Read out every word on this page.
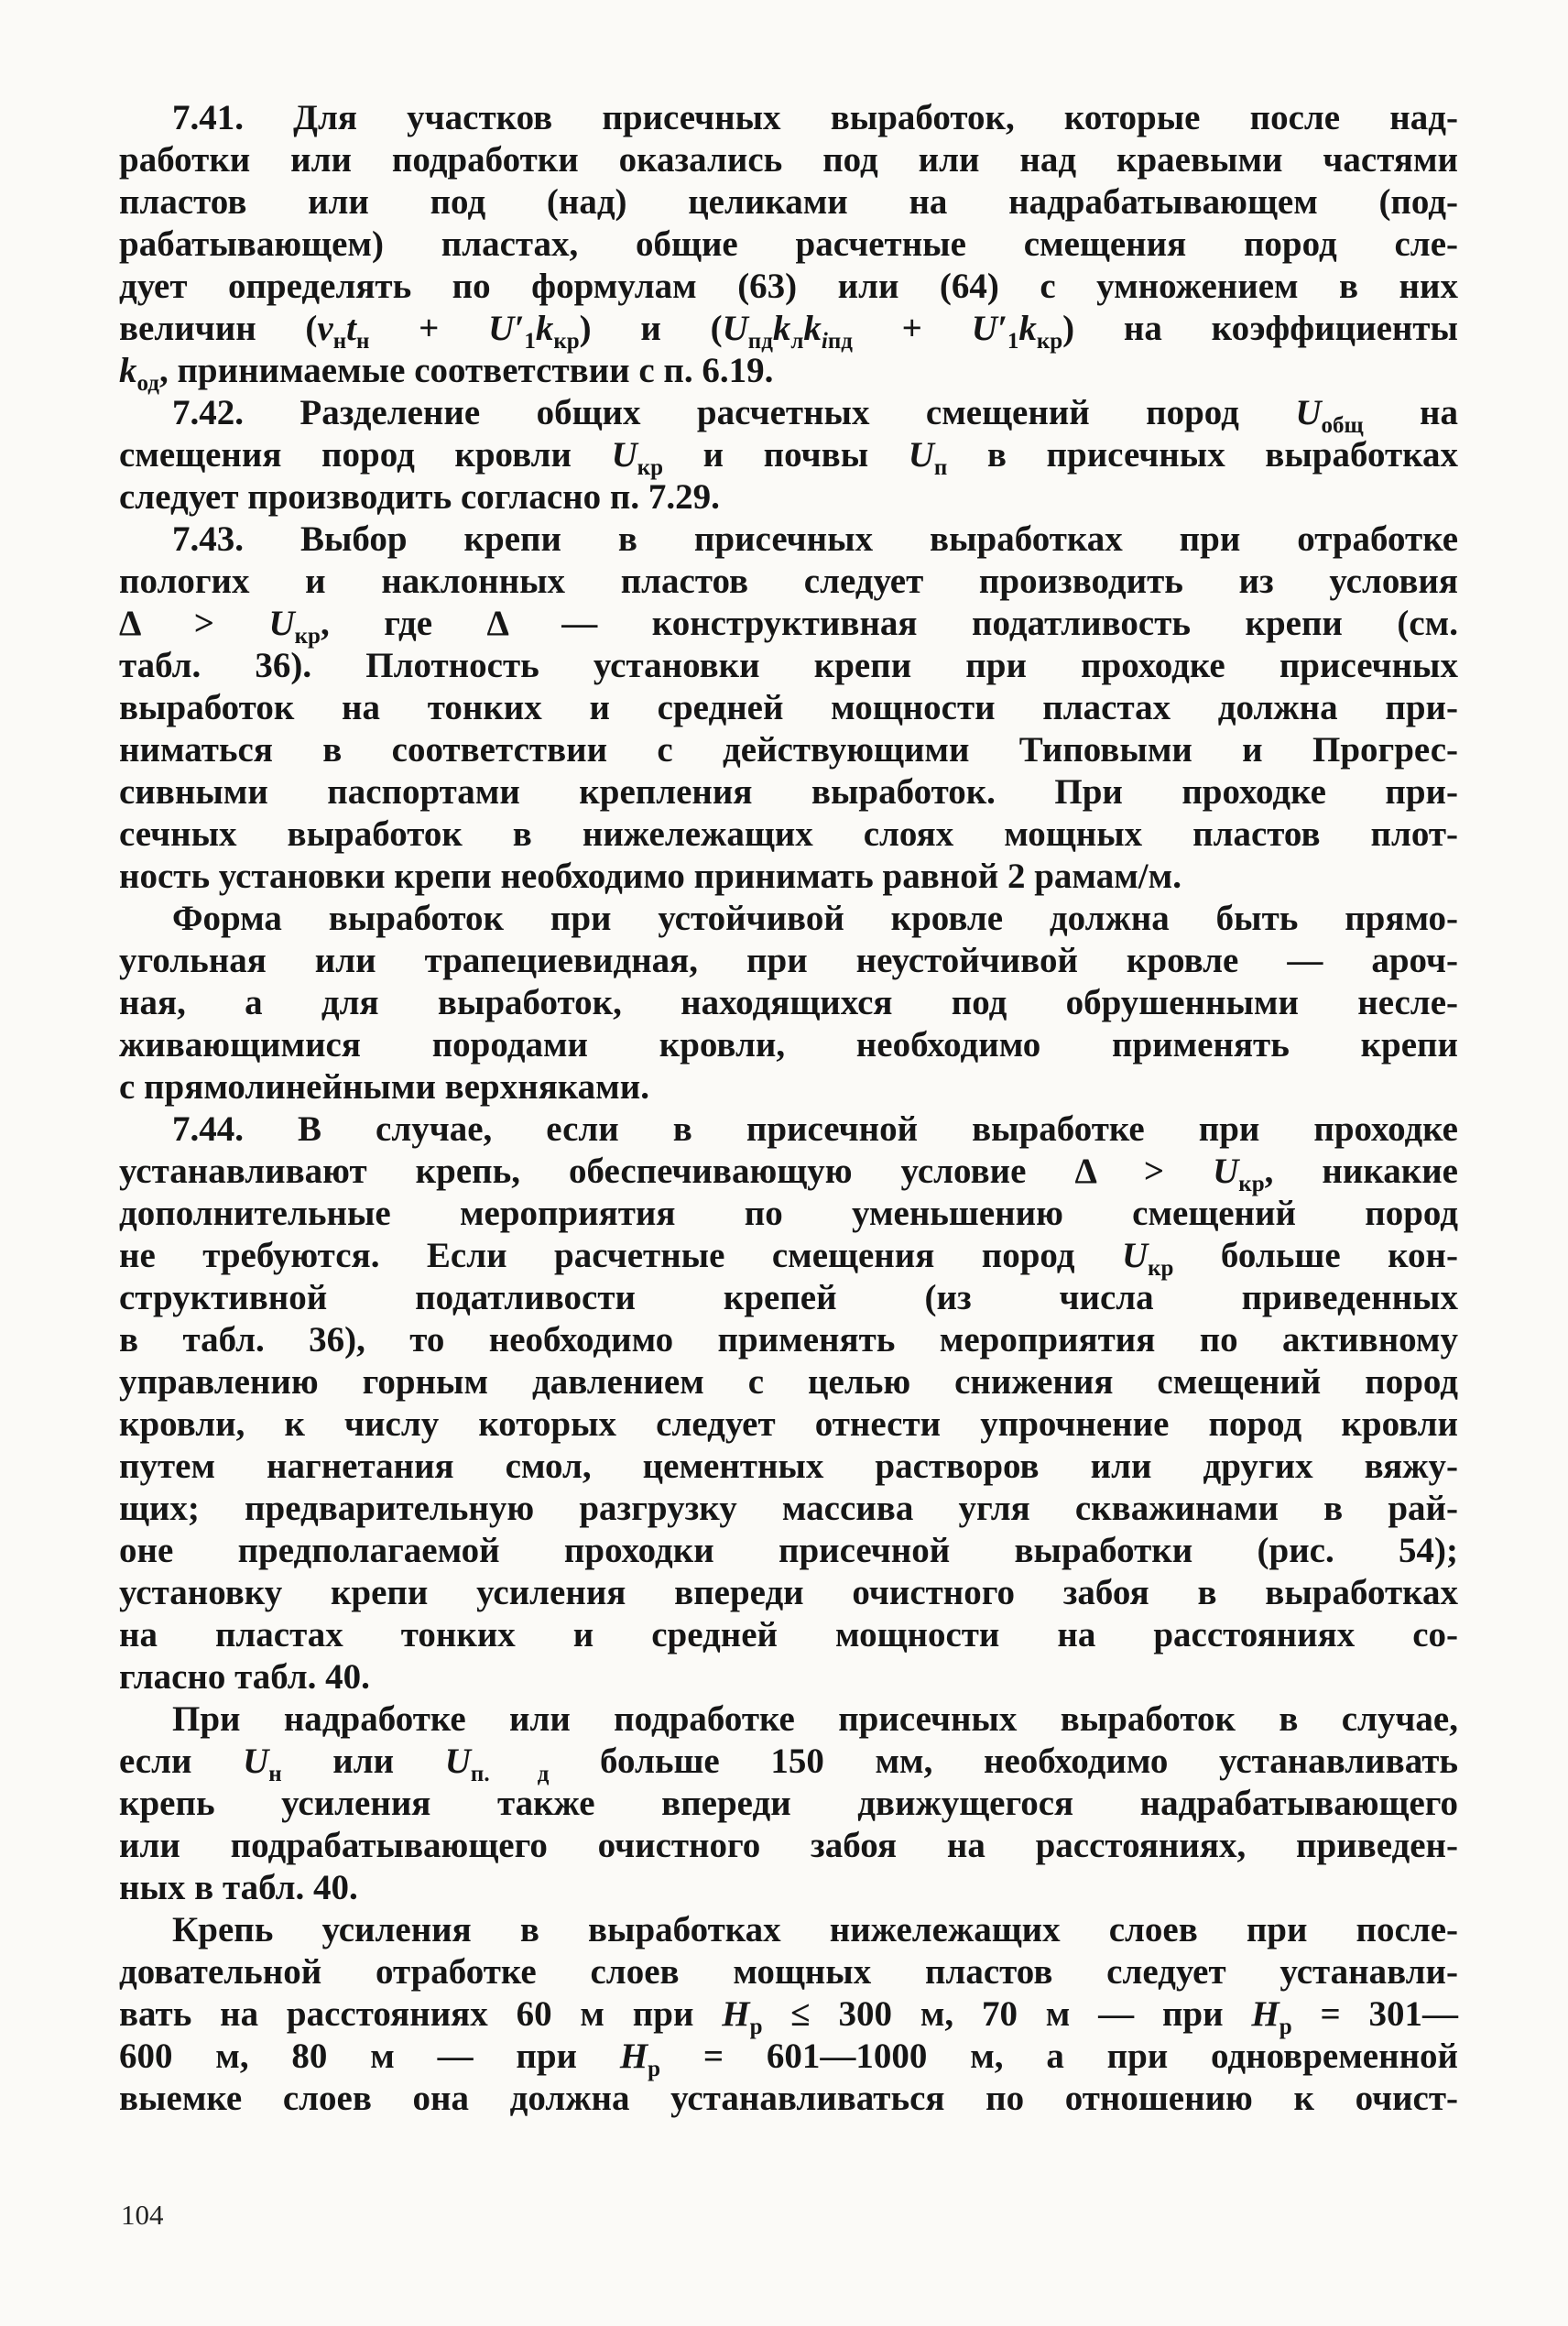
7.41. Для участков присечных выработок, которые после над-
работки или подработки оказались под или над краевыми частями
пластов или под (над) целиками на надрабатывающем (под-
рабатывающем) пластах, общие расчетные смещения пород сле-
дует определять по формулам (63) или (64) с умножением в них
величин $(v_нt_н + U'_1k_{кр})$ и $(U_{пд}k_лk_{iпд} + U'_1k_{кр})$ на коэффициенты
$k_{од}$, принимаемые соответствии с п. 6.19.
7.42. Разделение общих расчетных смещений пород $U_{общ}$ на
смещения пород кровли $U_{кр}$ и почвы $U_п$ в присечных выработках
следует производить согласно п. 7.29.
7.43. Выбор крепи в присечных выработках при отработке
пологих и наклонных пластов следует производить из условия
$\Delta > U_{кр}$, где Δ — конструктивная податливость крепи (см.
табл. 36). Плотность установки крепи при проходке присечных
выработок на тонких и средней мощности пластах должна при-
ниматься в соответствии с действующими Типовыми и Прогрес-
сивными паспортами крепления выработок. При проходке при-
сечных выработок в нижележащих слоях мощных пластов плот-
ность установки крепи необходимо принимать равной 2 рамам/м.
Форма выработок при устойчивой кровле должна быть прямо-
угольная или трапециевидная, при неустойчивой кровле — ароч-
ная, а для выработок, находящихся под обрушенными несле-
живающимися породами кровли, необходимо применять крепи
с прямолинейными верхняками.
7.44. В случае, если в присечной выработке при проходке
устанавливают крепь, обеспечивающую условие $\Delta > U_{кр}$, никакие
дополнительные мероприятия по уменьшению смещений пород
не требуются. Если расчетные смещения пород $U_{кр}$ больше кон-
структивной податливости крепей (из числа приведенных
в табл. 36), то необходимо применять мероприятия по активному
управлению горным давлением с целью снижения смещений пород
кровли, к числу которых следует отнести упрочнение пород кровли
путем нагнетания смол, цементных растворов или других вяжу-
щих; предварительную разгрузку массива угля скважинами в рай-
оне предполагаемой проходки присечной выработки (рис. 54);
установку крепи усиления впереди очистного забоя в выработках
на пластах тонких и средней мощности на расстояниях со-
гласно табл. 40.
При надработке или подработке присечных выработок в случае,
если $U_н$ или $U_{п. д}$ больше 150 мм, необходимо устанавливать
крепь усиления также впереди движущегося надрабатывающего
или подрабатывающего очистного забоя на расстояниях, приведен-
ных в табл. 40.
Крепь усиления в выработках нижележащих слоев при после-
довательной отработке слоев мощных пластов следует устанавли-
вать на расстояниях 60 м при $H_р \le 300$ м, 70 м — при $H_р$ = 301—
600 м, 80 м — при $H_р$ = 601—1000 м, а при одновременной
выемке слоев она должна устанавливаться по отношению к очист-
104
